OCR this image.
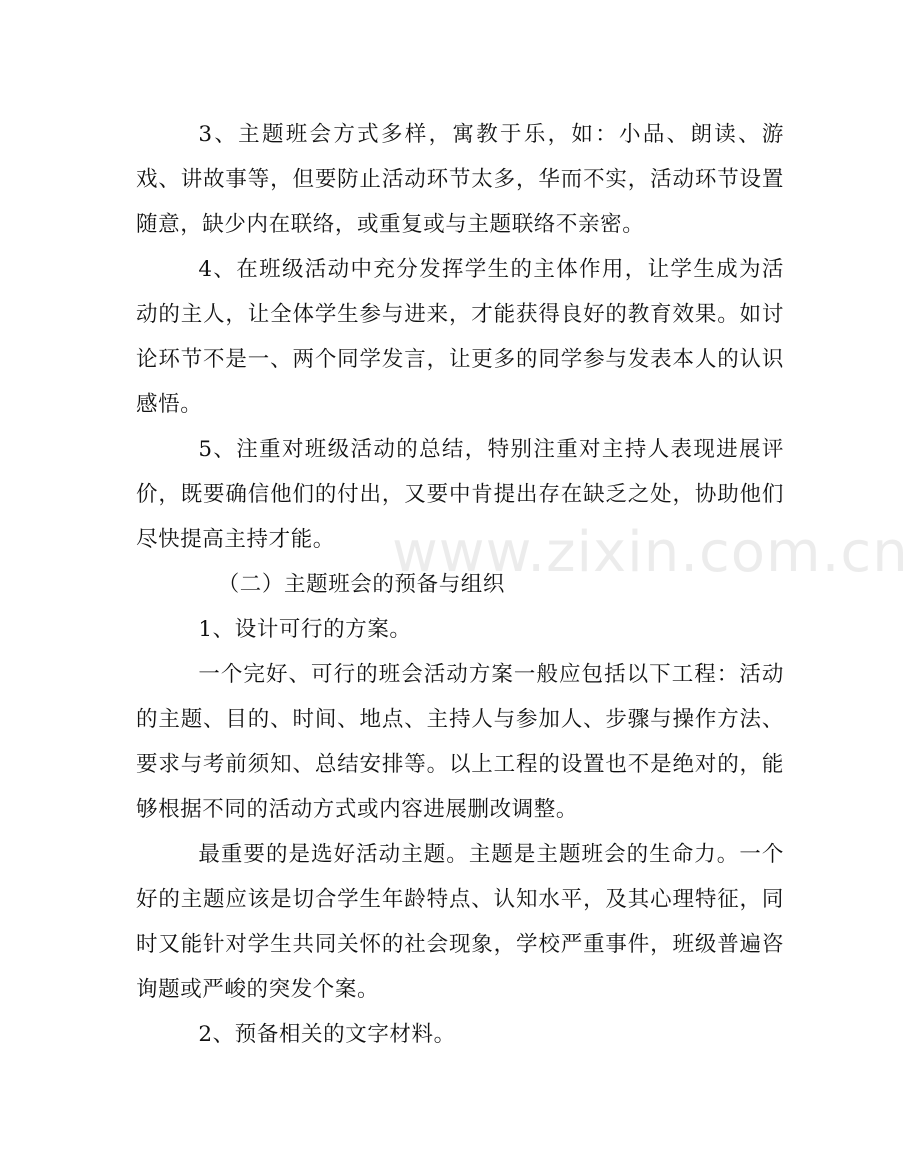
3、主题班会方式多样，寓教于乐，如：小品、朗读、游戏、讲故事等，但要防止活动环节太多，华而不实，活动环节设置随意，缺少内在联络，或重复或与主题联络不亲密。

4、在班级活动中充分发挥学生的主体作用，让学生成为活动的主人，让全体学生参与进来，才能获得良好的教育效果。如讨论环节不是一、两个同学发言，让更多的同学参与发表本人的认识感悟。

5、注重对班级活动的总结，特别注重对主持人表现进展评价，既要确信他们的付出，又要中肯提出存在缺乏之处，协助他们尽快提高主持才能。

（二）主题班会的预备与组织

1、设计可行的方案。

一个完好、可行的班会活动方案一般应包括以下工程：活动的主题、目的、时间、地点、主持人与参加人、步骤与操作方法、要求与考前须知、总结安排等。以上工程的设置也不是绝对的，能够根据不同的活动方式或内容进展删改调整。

最重要的是选好活动主题。主题是主题班会的生命力。一个好的主题应该是切合学生年龄特点、认知水平，及其心理特征，同时又能针对学生共同关怀的社会现象，学校严重事件，班级普遍咨询题或严峻的突发个案。

2、预备相关的文字材料。

www.zixin.com.cn
